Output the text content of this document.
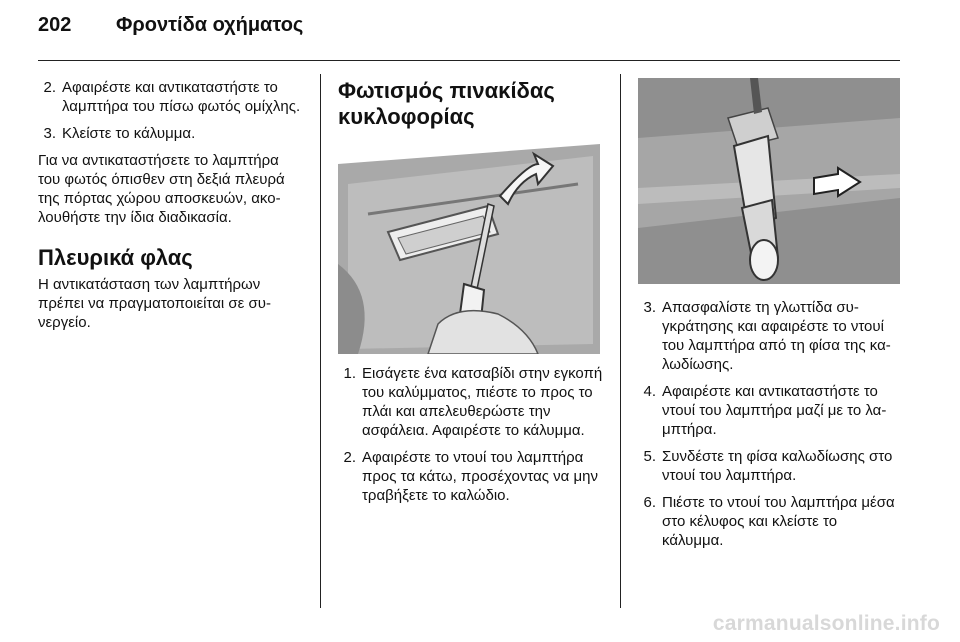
202	Φροντίδα οχήματος
2. Αφαιρέστε και αντικαταστήστε το λαμπτήρα του πίσω φωτός ομίχλης.
3. Κλείστε το κάλυμμα.

Για να αντικαταστήσετε το λαμπτήρα του φωτός όπισθεν στη δεξιά πλευρά της πόρτας χώρου αποσκευών, ακολουθήστε την ίδια διαδικασία.

Πλευρικά φλας

Η αντικατάσταση των λαμπτήρων πρέπει να πραγματοποιείται σε συνεργείο.

Φωτισμός πινακίδας κυκλοφορίας
1. Εισάγετε ένα κατσαβίδι στην εγκοπή του καλύμματος, πιέστε το προς το πλάι και απελευθερώστε την ασφάλεια. Αφαιρέστε το κάλυμμα.
2. Αφαιρέστε το ντουί του λαμπτήρα προς τα κάτω, προσέχοντας να μην τραβήξετε το καλώδιο.
3. Απασφαλίστε τη γλωττίδα συγκράτησης και αφαιρέστε το ντουί του λαμπτήρα από τη φίσα της καλωδίωσης.
4. Αφαιρέστε και αντικαταστήστε το ντουί του λαμπτήρα μαζί με το λαμπτήρα.
5. Συνδέστε τη φίσα καλωδίωσης στο ντουί του λαμπτήρα.
6. Πιέστε το ντουί του λαμπτήρα μέσα στο κέλυφος και κλείστε το κάλυμμα.
carmanualsonline.info
